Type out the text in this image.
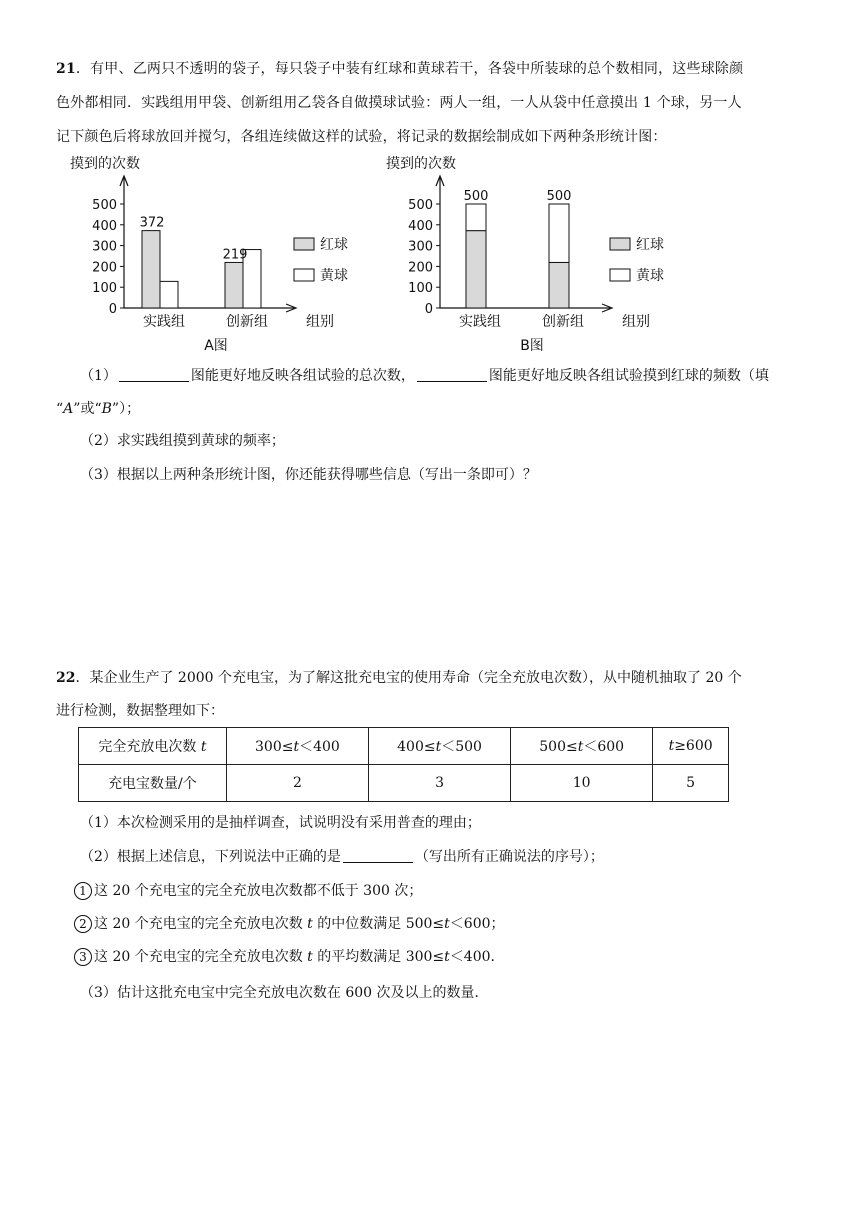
21．有甲、乙两只不透明的袋子，每只袋子中装有红球和黄球若干，各袋中所装球的总个数相同，这些球除颜
色外都相同．实践组用甲袋、创新组用乙袋各自做摸球试验：两人一组，一人从袋中任意摸出 1 个球，另一人
记下颜色后将球放回并搅匀，各组连续做这样的试验，将记录的数据绘制成如下两种条形统计图：
摸到的次数
0
100
200
300
400
500
组别
实践组	创新组
372
219
红球
黄球
A图
摸到的次数
0
100
200
300
400
500
组别
实践组	创新组
500	500
红球
黄球
B图
（1）	图能更好地反映各组试验的总次数，	图能更好地反映各组试验摸到红球的频数（填
“A”或“B”）；
（2）求实践组摸到黄球的频率；
（3）根据以上两种条形统计图，你还能获得哪些信息（写出一条即可）？
22．某企业生产了 2000 个充电宝，为了解这批充电宝的使用寿命（完全充放电次数），从中随机抽取了 20 个
进行检测，数据整理如下：
完全充放电次数 t	300≤t＜400	400≤t＜500	500≤t＜600	t≥600
充电宝数量/个	2	3	10	5
（1）本次检测采用的是抽样调查，试说明没有采用普查的理由；
（2）根据上述信息，下列说法中正确的是	（写出所有正确说法的序号）；
1 这 20 个充电宝的完全充放电次数都不低于 300 次；
2 这 20 个充电宝的完全充放电次数 t 的中位数满足 500≤t＜600；
3 这 20 个充电宝的完全充放电次数 t 的平均数满足 300≤t＜400．
（3）估计这批充电宝中完全充放电次数在 600 次及以上的数量．
